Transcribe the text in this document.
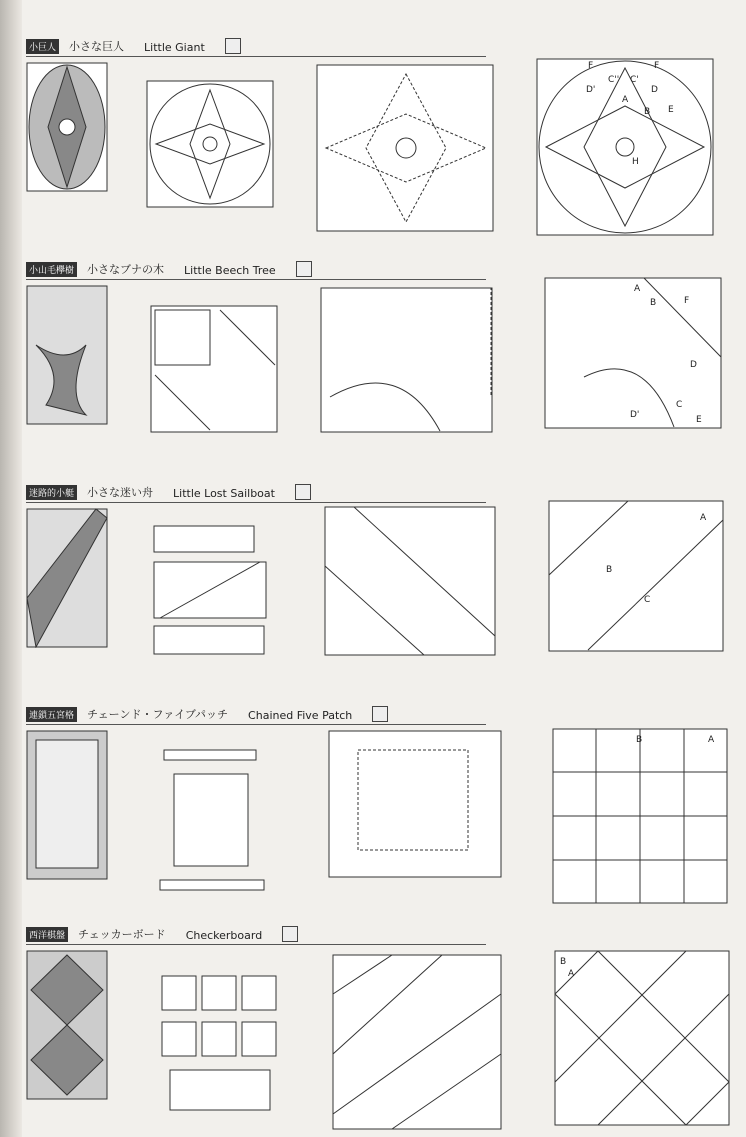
小巨人 小さな巨人 Little Giant
F	F
D'
C'' C'
D
A
B E
H
小山毛欅樹 小さなブナの木 Little Beech Tree
A
B	F
D
C
D'	E
迷路的小艇 小さな迷い舟 Little Lost Sailboat
A
B
C
連鎖五宮格 チェーンド・ファイブパッチ Chained Five Patch
B	A
西洋棋盤 チェッカーボード Checkerboard
B
A
